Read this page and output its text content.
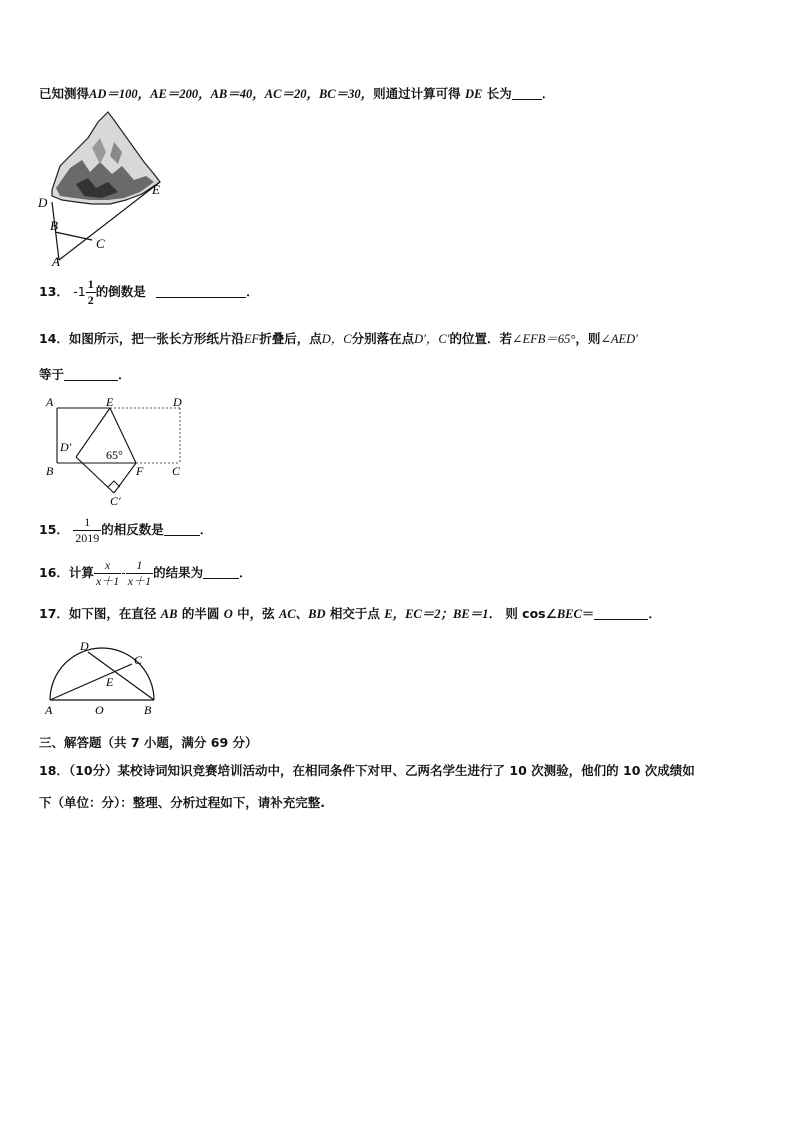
已知测得AD＝100，AE＝200，AB＝40，AC＝20，BC＝30，则通过计算可得 DE 长为 ．
D
E
B
C
A
13． $-1 \frac{1}{2}$ 的倒数是	．
14．如图所示，把一张长方形纸片沿EF折叠后，点D，C分别落在点D′，C′的位置．若∠EFB＝65°，则∠AED′
等于	．
A	E	D
D′
65°
B	F C
C′
15． $\frac{1}{2019}$ 的相反数是	．
16．计算 $\frac{x}{x+1} - \frac{1}{x+1}$ 的结果为	．
17．如下图，在直径 AB 的半圆 O 中，弦 AC、BD 相交于点 E，EC＝2；BE＝1． 则 cos∠BEC＝	．
D
C
E
A	O	B
三、解答题（共 7 小题，满分 69 分）
18．（10分）某校诗词知识竞赛培训活动中，在相同条件下对甲、乙两名学生进行了 10 次测验，他们的 10 次成绩如
下（单位：分）：整理、分析过程如下，请补充完整.
